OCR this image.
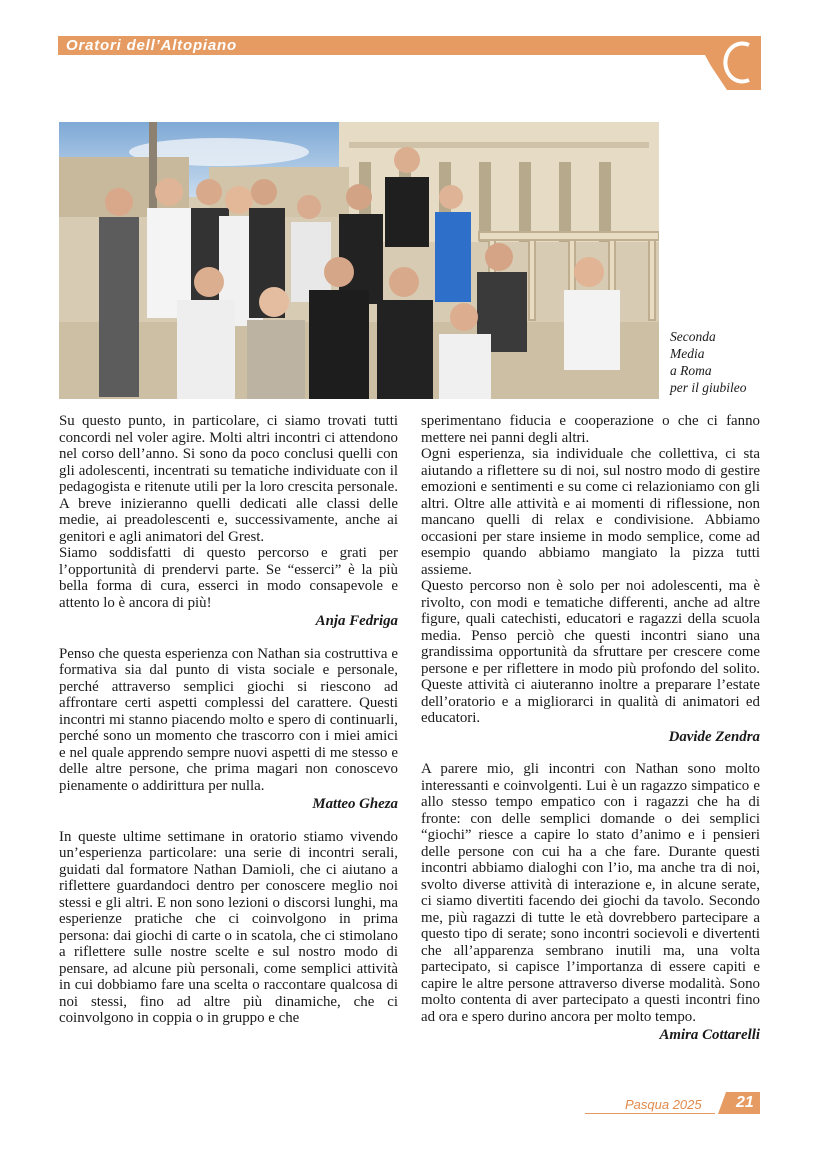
Oratori dell’Altopiano
Seconda
Media
a Roma
per il giubileo

Su questo punto, in particolare, ci siamo trovati tutti concordi nel voler agire. Molti altri incontri ci attendono nel corso dell’anno. Si sono da poco conclusi quelli con gli adolescenti, incentrati su tematiche individuate con il pedagogista e ritenute utili per la loro crescita personale. A breve inizieranno quelli dedicati alle classi delle medie, ai preadolescenti e, successivamente, anche ai genitori e agli animatori del Grest.

Siamo soddisfatti di questo percorso e grati per l’opportunità di prendervi parte. Se “esserci” è la più bella forma di cura, esserci in modo consapevole e attento lo è ancora di più!

Anja Fedriga

Penso che questa esperienza con Nathan sia costruttiva e formativa sia dal punto di vista sociale e personale, perché attraverso semplici giochi si riescono ad affrontare certi aspetti complessi del carattere. Questi incontri mi stanno piacendo molto e spero di continuarli, perché sono un momento che trascorro con i miei amici e nel quale apprendo sempre nuovi aspetti di me stesso e delle altre persone, che prima magari non conoscevo pienamente o addirittura per nulla.

Matteo Gheza

In queste ultime settimane in oratorio stiamo vivendo un’esperienza particolare: una serie di incontri serali, guidati dal formatore Nathan Damioli, che ci aiutano a riflettere guardandoci dentro per conoscere meglio noi stessi e gli altri. E non sono lezioni o discorsi lunghi, ma esperienze pratiche che ci coinvolgono in prima persona: dai giochi di carte o in scatola, che ci stimolano a riflettere sulle nostre scelte e sul nostro modo di pensare, ad alcune più personali, come semplici attività in cui dobbiamo fare una scelta o raccontare qualcosa di noi stessi, fino ad altre più dinamiche, che ci coinvolgono in coppia o in gruppo e che

sperimentano fiducia e cooperazione o che ci fanno mettere nei panni degli altri.

Ogni esperienza, sia individuale che collettiva, ci sta aiutando a riflettere su di noi, sul nostro modo di gestire emozioni e sentimenti e su come ci relazioniamo con gli altri. Oltre alle attività e ai momenti di riflessione, non mancano quelli di relax e condivisione. Abbiamo occasioni per stare insieme in modo semplice, come ad esempio quando abbiamo mangiato la pizza tutti assieme.

Questo percorso non è solo per noi adolescenti, ma è rivolto, con modi e tematiche differenti, anche ad altre figure, quali catechisti, educatori e ragazzi della scuola media. Penso perciò che questi incontri siano una grandissima opportunità da sfruttare per crescere come persone e per riflettere in modo più profondo del solito. Queste attività ci aiuteranno inoltre a preparare l’estate dell’oratorio e a migliorarci in qualità di animatori ed educatori.

Davide Zendra

A parere mio, gli incontri con Nathan sono molto interessanti e coinvolgenti. Lui è un ragazzo simpatico e allo stesso tempo empatico con i ragazzi che ha di fronte: con delle semplici domande o dei semplici “giochi” riesce a capire lo stato d’animo e i pensieri delle persone con cui ha a che fare. Durante questi incontri abbiamo dialoghi con l’io, ma anche tra di noi, svolto diverse attività di interazione e, in alcune serate, ci siamo divertiti facendo dei giochi da tavolo. Secondo me, più ragazzi di tutte le età dovrebbero partecipare a questo tipo di serate; sono incontri socievoli e divertenti che all’apparenza sembrano inutili ma, una volta partecipato, si capisce l’importanza di essere capiti e capire le altre persone attraverso diverse modalità. Sono molto contenta di aver partecipato a questi incontri fino ad ora e spero durino ancora per molto tempo.

Amira Cottarelli

Pasqua 2025 21
